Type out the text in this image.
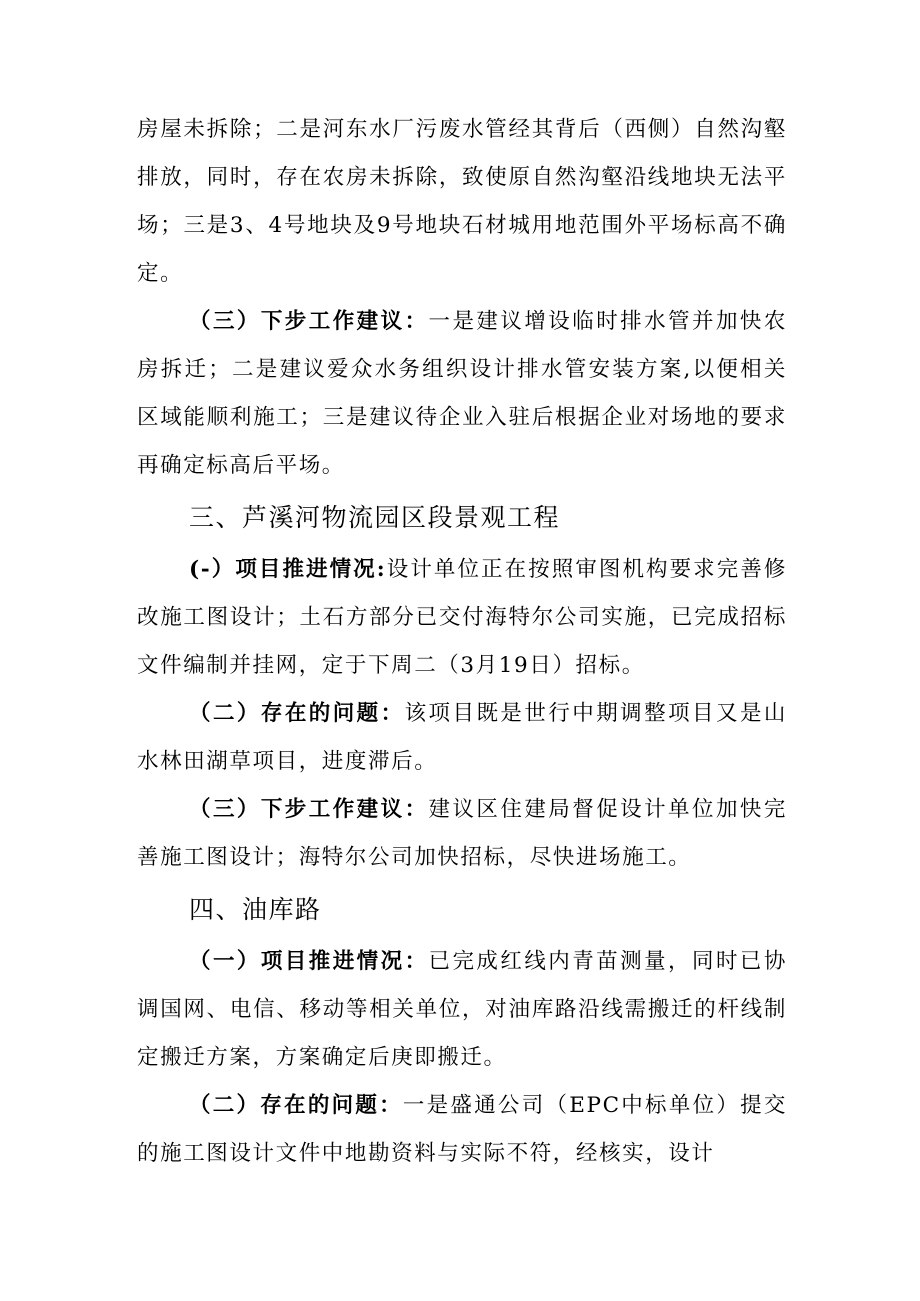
房屋未拆除；二是河东水厂污废水管经其背后（西侧）自然沟壑排放，同时，存在农房未拆除，致使原自然沟壑沿线地块无法平场；三是3、4号地块及9号地块石材城用地范围外平场标高不确定。

（三）下步工作建议：一是建议增设临时排水管并加快农房拆迁；二是建议爱众水务组织设计排水管安装方案,以便相关区域能顺利施工；三是建议待企业入驻后根据企业对场地的要求再确定标高后平场。

三、芦溪河物流园区段景观工程

(-）项目推进情况:设计单位正在按照审图机构要求完善修改施工图设计；土石方部分已交付海特尔公司实施，已完成招标文件编制并挂网，定于下周二（3月19日）招标。

（二）存在的问题：该项目既是世行中期调整项目又是山水林田湖草项目，进度滞后。

（三）下步工作建议：建议区住建局督促设计单位加快完善施工图设计；海特尔公司加快招标，尽快进场施工。

四、油库路

（一）项目推进情况：已完成红线内青苗测量，同时已协调国网、电信、移动等相关单位，对油库路沿线需搬迁的杆线制定搬迁方案，方案确定后庚即搬迁。

（二）存在的问题：一是盛通公司（EPC中标单位）提交的施工图设计文件中地勘资料与实际不符，经核实，设计
